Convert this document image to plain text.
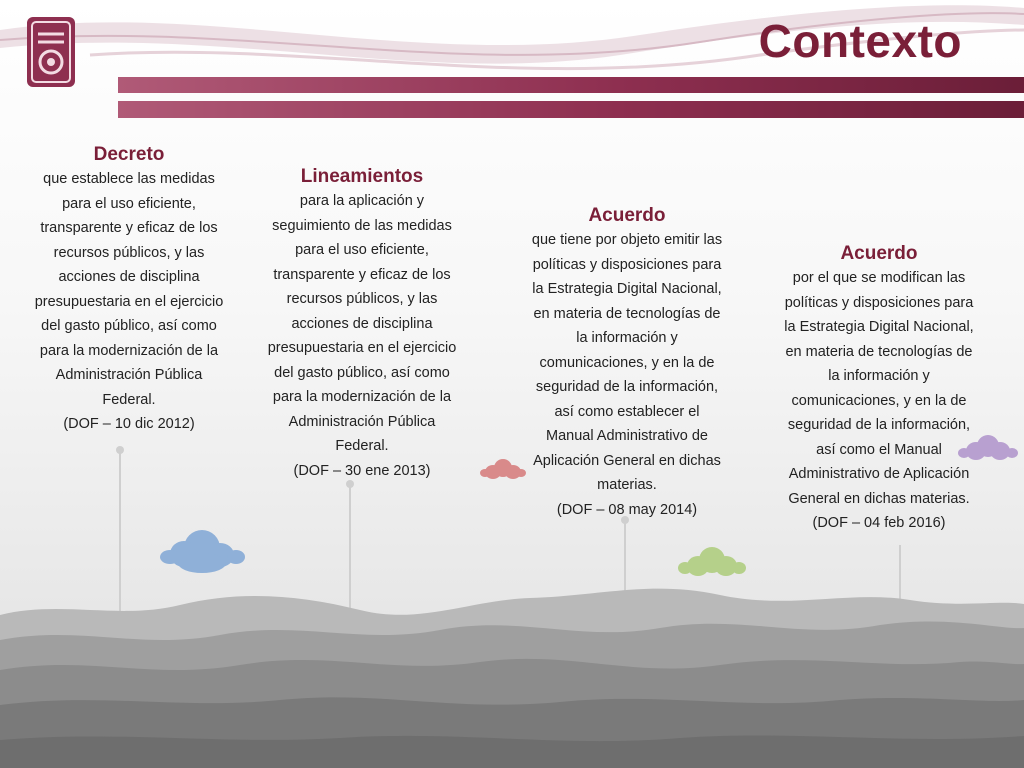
Contexto
Decreto
que establece las medidas
para el uso eficiente,
transparente y eficaz de los
recursos públicos, y las
acciones de disciplina
presupuestaria en el ejercicio
del gasto público, así como
para la modernización de la
Administración Pública
Federal.
(DOF – 10 dic 2012)
Lineamientos
para la aplicación y
seguimiento de las medidas
para el uso eficiente,
transparente y eficaz de los
recursos públicos, y las
acciones de disciplina
presupuestaria en el ejercicio
del gasto público, así como
para la modernización de la
Administración Pública
Federal.
(DOF – 30 ene 2013)
Acuerdo
que tiene por objeto emitir las
políticas y disposiciones para
la Estrategia Digital Nacional,
en materia de tecnologías de
la información y
comunicaciones, y en la de
seguridad de la información,
así como establecer el
Manual Administrativo de
Aplicación General en dichas
materias.
(DOF – 08 may 2014)
Acuerdo
por el que se modifican las
políticas y disposiciones para
la Estrategia Digital Nacional,
en materia de tecnologías de
la información y
comunicaciones, y en la de
seguridad de la información,
así como el Manual
Administrativo de Aplicación
General en dichas materias.
(DOF – 04 feb 2016)
